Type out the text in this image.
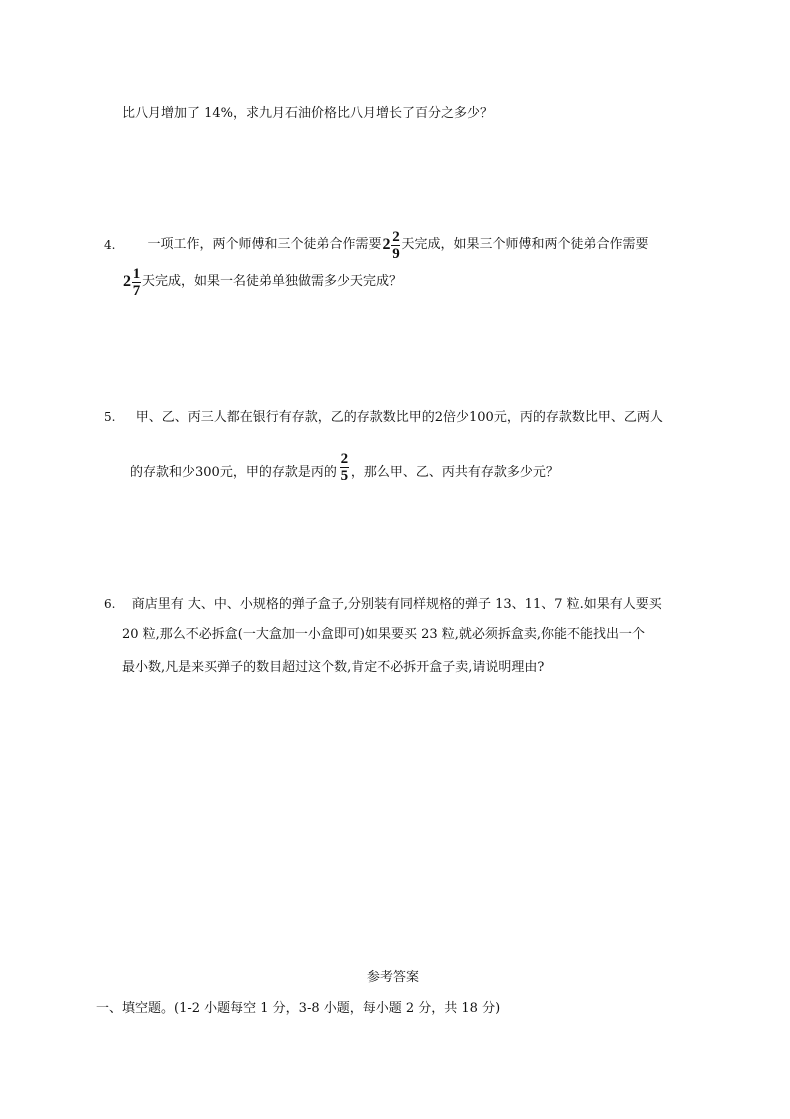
比八月增加了 14%，求九月石油价格比八月增长了百分之多少？
4. 一项工作，两个师傅和三个徒弟合作需要 $2 \frac{2}{9}$ 天完成，如果三个师傅和两个徒弟合作需要
$2 \frac{1}{7}$ 天完成，如果一名徒弟单独做需多少天完成？
5. 甲、乙、丙三人都在银行有存款，乙的存款数比甲的2倍少100元，丙的存款数比甲、乙两人
的存款和少300元，甲的存款是丙的 $\frac{2}{5}$ ，那么甲、乙、丙共有存款多少元？
6. 商店里有 大、中、小规格的弹子盒子,分别装有同样规格的弹子 13、11、7 粒.如果有人要买
20 粒,那么不必拆盒(一大盒加一小盒即可)如果要买 23 粒,就必须拆盒卖,你能不能找出一个
最小数,凡是来买弹子的数目超过这个数,肯定不必拆开盒子卖,请说明理由?
参考答案
一、填空题。(1-2 小题每空 1 分，3-8 小题，每小题 2 分，共 18 分)
